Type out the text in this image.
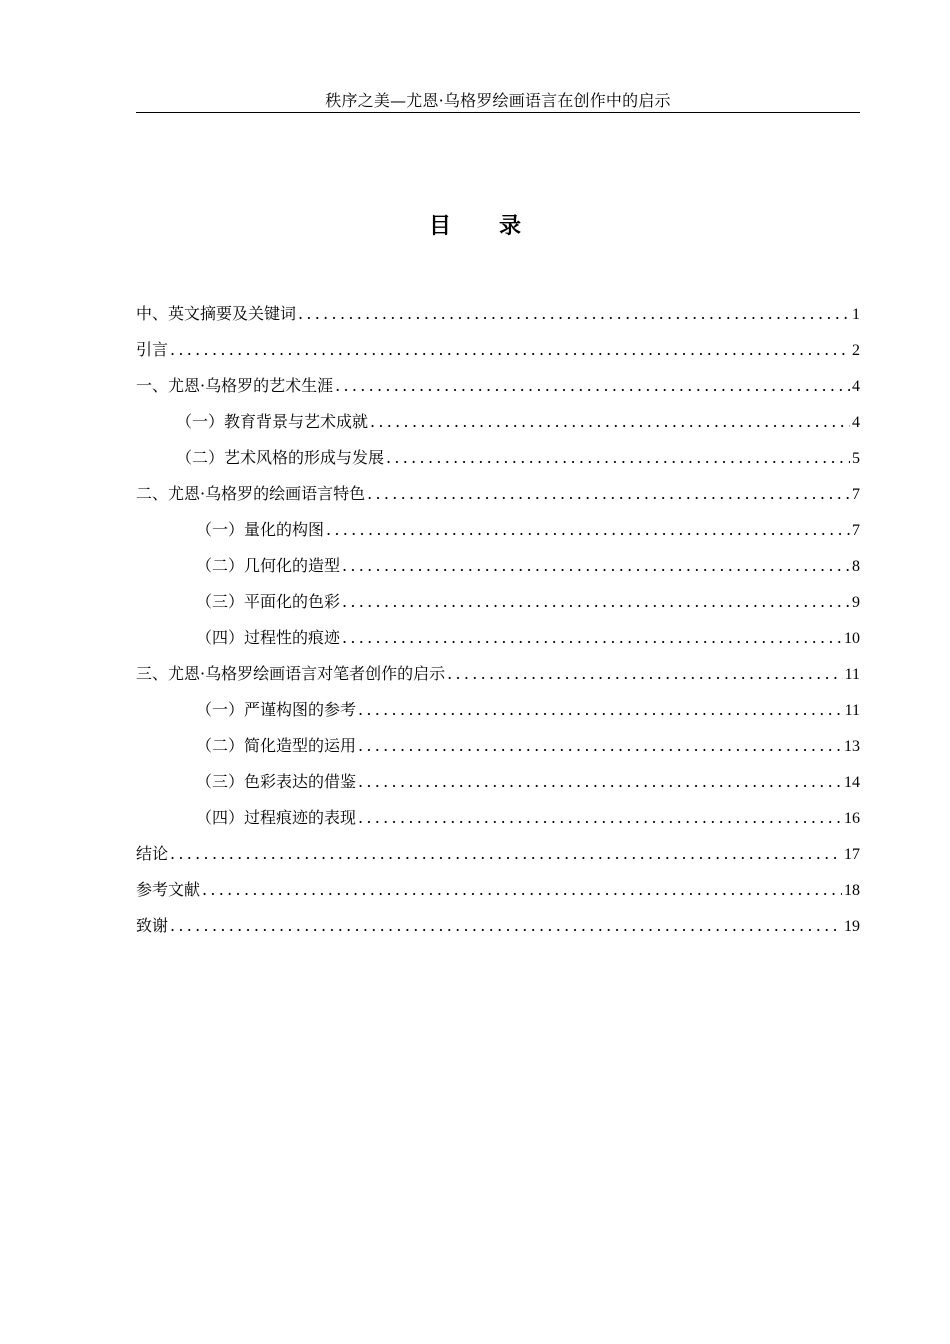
秩序之美—尤恩·乌格罗绘画语言在创作中的启示
目 录
中、英文摘要及关键词 .....	1
引言 .....	2
一、尤恩·乌格罗的艺术生涯 .....	4
（一）教育背景与艺术成就 .....	4
（二）艺术风格的形成与发展 .....	5
二、尤恩·乌格罗的绘画语言特色 .....	7
（一）量化的构图 .....	7
（二）几何化的造型 .....	8
（三）平面化的色彩 .....	9
（四）过程性的痕迹 .....	10
三、尤恩·乌格罗绘画语言对笔者创作的启示 .....	11
（一）严谨构图的参考 .....	11
（二）简化造型的运用 .....	13
（三）色彩表达的借鉴 .....	14
（四）过程痕迹的表现 .....	16
结论 .....	17
参考文献 .....	18
致谢 .....	19
